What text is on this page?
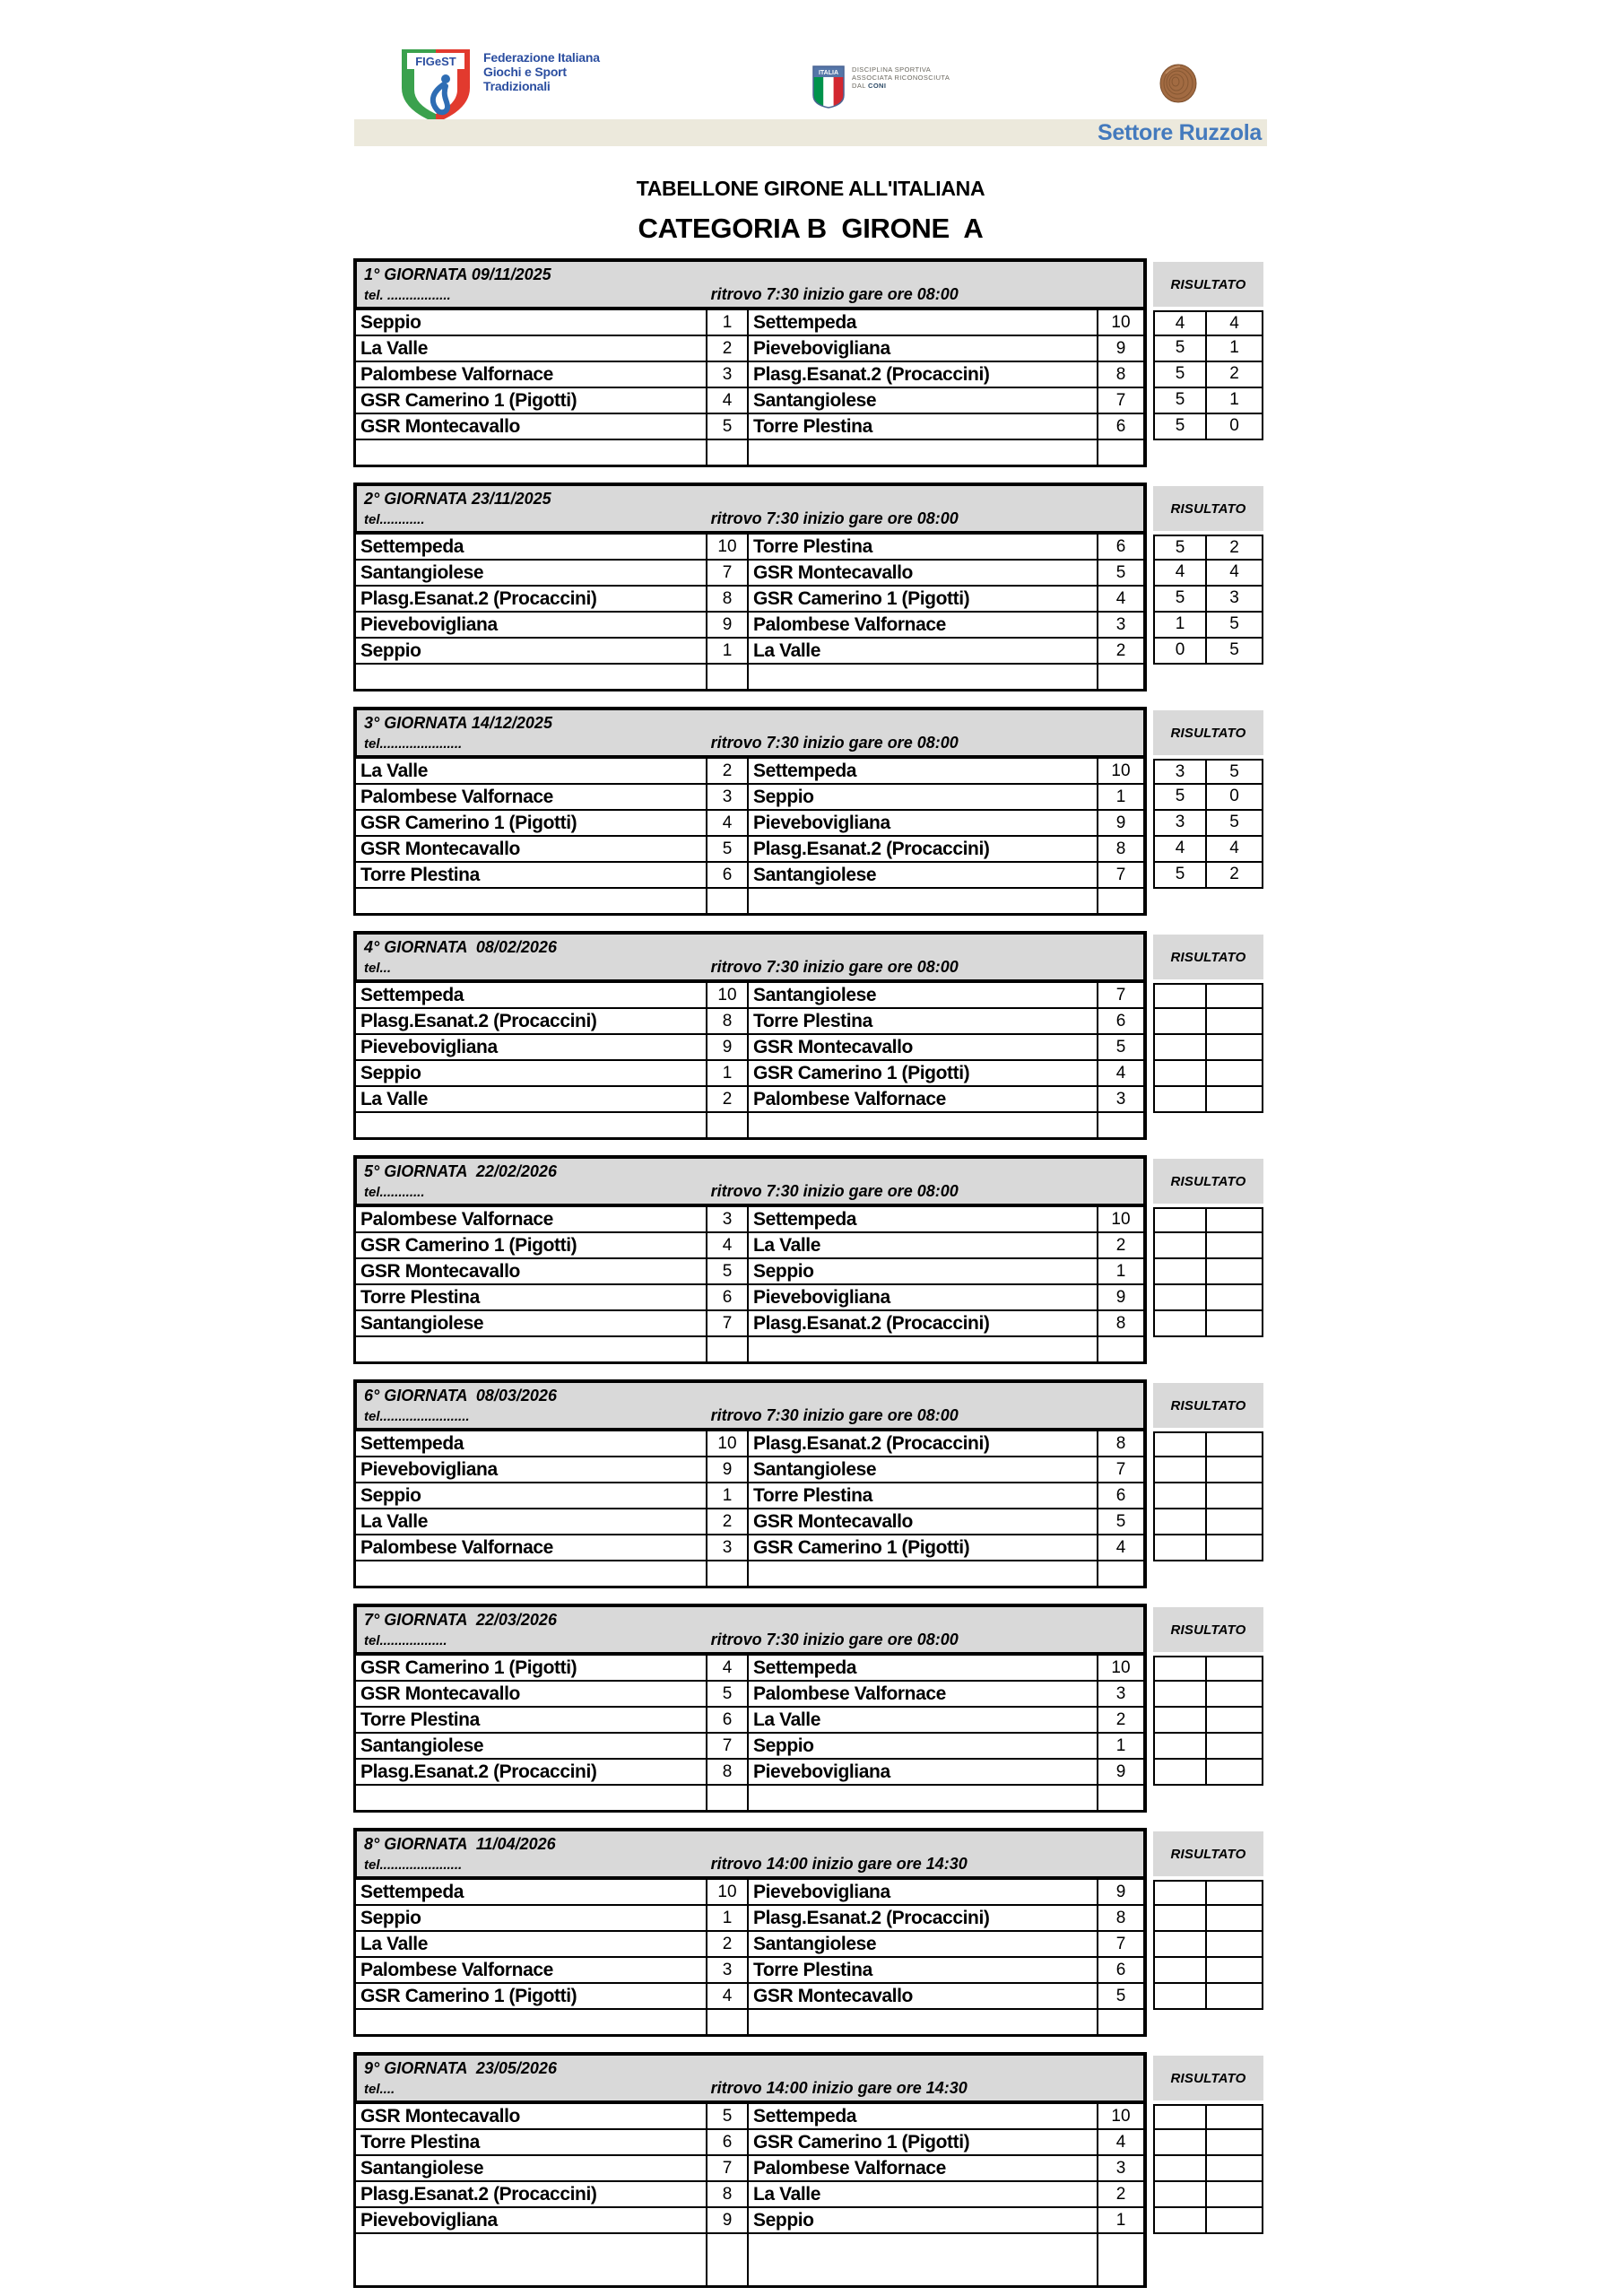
FIGeST Federazione Italiana
Giochi e Sport
Tradizionali
ITALIA DISCIPLINA SPORTIVA
ASSOCIATA RICONOSCIUTA
DAL CONI
Settore Ruzzola
TABELLONE GIRONE ALL'ITALIANA
CATEGORIA B  GIRONE  A
1° GIORNATA 09/11/2025
tel. .................	ritrovo 7:30 inizio gare ore 08:00
RISULTATO
Seppio	1	Settempeda	10	4	4
La Valle	2	Pievebovigliana	9	5	1
Palombese Valfornace	3	Plasg.Esanat.2 (Procaccini)	8	5	2
GSR Camerino 1 (Pigotti)	4	Santangiolese	7	5	1
GSR Montecavallo	5	Torre Plestina	6	5	0
2° GIORNATA 23/11/2025
tel............	ritrovo 7:30 inizio gare ore 08:00
RISULTATO
Settempeda	10 Torre Plestina	6	5	2
Santangiolese	7	GSR Montecavallo	5	4	4
Plasg.Esanat.2 (Procaccini)	8	GSR Camerino 1 (Pigotti)	4	5	3
Pievebovigliana	9	Palombese Valfornace	3	1	5
Seppio	1	La Valle	2	0	5
3° GIORNATA 14/12/2025
tel......................	ritrovo 7:30 inizio gare ore 08:00
RISULTATO
La Valle	2	Settempeda	10	3	5
Palombese Valfornace	3	Seppio	1	5	0
GSR Camerino 1 (Pigotti)	4	Pievebovigliana	9	3	5
GSR Montecavallo	5	Plasg.Esanat.2 (Procaccini)	8	4	4
Torre Plestina	6	Santangiolese	7	5	2
4° GIORNATA  08/02/2026
tel...	ritrovo 7:30 inizio gare ore 08:00
RISULTATO
Settempeda	10 Santangiolese	7
Plasg.Esanat.2 (Procaccini)	8	Torre Plestina	6
Pievebovigliana	9	GSR Montecavallo	5
Seppio	1	GSR Camerino 1 (Pigotti)	4
La Valle	2	Palombese Valfornace	3
5° GIORNATA  22/02/2026
tel............	ritrovo 7:30 inizio gare ore 08:00
RISULTATO
Palombese Valfornace	3	Settempeda	10
GSR Camerino 1 (Pigotti)	4	La Valle	2
GSR Montecavallo	5	Seppio	1
Torre Plestina	6	Pievebovigliana	9
Santangiolese	7	Plasg.Esanat.2 (Procaccini)	8
6° GIORNATA  08/03/2026
tel........................	ritrovo 7:30 inizio gare ore 08:00
RISULTATO
Settempeda	10 Plasg.Esanat.2 (Procaccini)	8
Pievebovigliana	9	Santangiolese	7
Seppio	1	Torre Plestina	6
La Valle	2	GSR Montecavallo	5
Palombese Valfornace	3	GSR Camerino 1 (Pigotti)	4
7° GIORNATA  22/03/2026
tel..................	ritrovo 7:30 inizio gare ore 08:00
RISULTATO
GSR Camerino 1 (Pigotti)	4	Settempeda	10
GSR Montecavallo	5	Palombese Valfornace	3
Torre Plestina	6	La Valle	2
Santangiolese	7	Seppio	1
Plasg.Esanat.2 (Procaccini)	8	Pievebovigliana	9
8° GIORNATA  11/04/2026
tel......................	ritrovo 14:00 inizio gare ore 14:30
RISULTATO
Settempeda	10 Pievebovigliana	9
Seppio	1	Plasg.Esanat.2 (Procaccini)	8
La Valle	2	Santangiolese	7
Palombese Valfornace	3	Torre Plestina	6
GSR Camerino 1 (Pigotti)	4	GSR Montecavallo	5
9° GIORNATA  23/05/2026
tel....	ritrovo 14:00 inizio gare ore 14:30
RISULTATO
GSR Montecavallo	5	Settempeda	10
Torre Plestina	6	GSR Camerino 1 (Pigotti)	4
Santangiolese	7	Palombese Valfornace	3
Plasg.Esanat.2 (Procaccini)	8	La Valle	2
Pievebovigliana	9	Seppio	1
